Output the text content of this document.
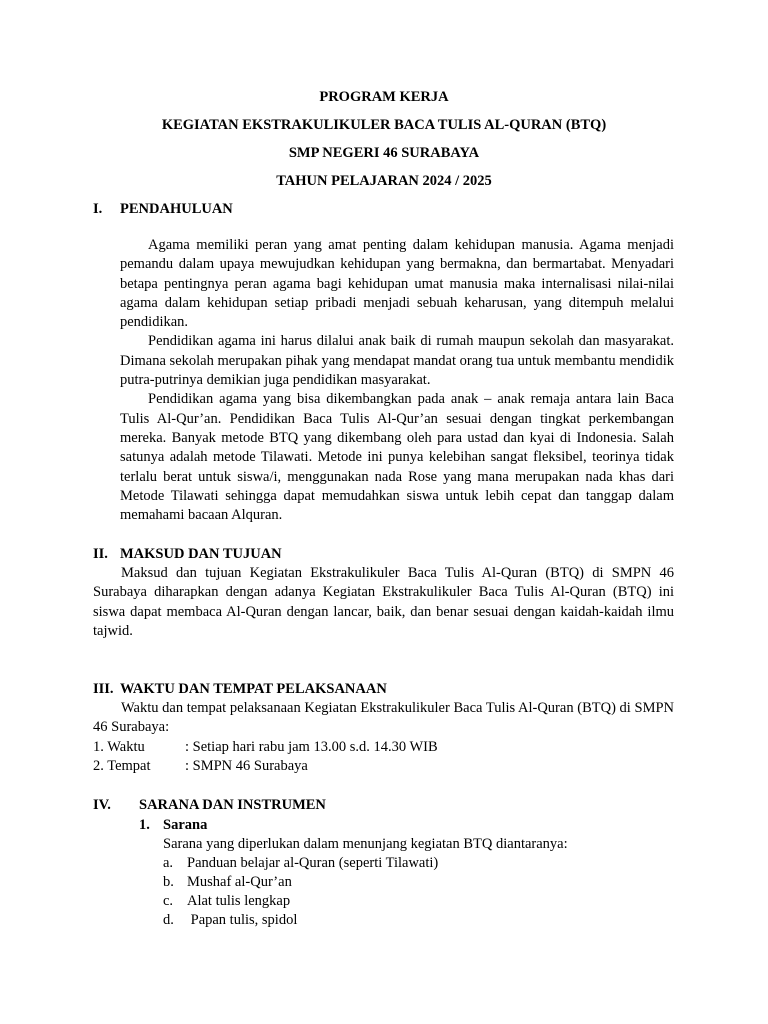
PROGRAM KERJA
KEGIATAN EKSTRAKULIKULER BACA TULIS AL-QURAN (BTQ)
SMP NEGERI 46 SURABAYA
TAHUN PELAJARAN 2024 / 2025
I. PENDAHULUAN

Agama memiliki peran yang amat penting dalam kehidupan manusia. Agama menjadi pemandu dalam upaya mewujudkan kehidupan yang bermakna, dan bermartabat. Menyadari betapa pentingnya peran agama bagi kehidupan umat manusia maka internalisasi nilai-nilai agama dalam kehidupan setiap pribadi menjadi sebuah keharusan, yang ditempuh melalui pendidikan.

Pendidikan agama ini harus dilalui anak baik di rumah maupun sekolah dan masyarakat. Dimana sekolah merupakan pihak yang mendapat mandat orang tua untuk membantu mendidik putra-putrinya demikian juga pendidikan masyarakat.

Pendidikan agama yang bisa dikembangkan pada anak – anak remaja antara lain Baca Tulis Al-Qur’an. Pendidikan Baca Tulis Al-Qur’an sesuai dengan tingkat perkembangan mereka. Banyak metode BTQ yang dikembang oleh para ustad dan kyai di Indonesia. Salah satunya adalah metode Tilawati. Metode ini punya kelebihan sangat fleksibel, teorinya tidak terlalu berat untuk siswa/i, menggunakan nada Rose yang mana merupakan nada khas dari Metode Tilawati sehingga dapat memudahkan siswa untuk lebih cepat dan tanggap dalam memahami bacaan Alquran.

II. MAKSUD DAN TUJUAN

Maksud dan tujuan Kegiatan Ekstrakulikuler Baca Tulis Al-Quran (BTQ) di SMPN 46 Surabaya diharapkan dengan adanya Kegiatan Ekstrakulikuler Baca Tulis Al-Quran (BTQ) ini siswa dapat membaca Al-Quran dengan lancar, baik, dan benar sesuai dengan kaidah-kaidah ilmu tajwid.

III. WAKTU DAN TEMPAT PELAKSANAAN

Waktu dan tempat pelaksanaan Kegiatan Ekstrakulikuler Baca Tulis Al-Quran (BTQ) di SMPN 46 Surabaya:

1. Waktu	: Setiap hari rabu jam 13.00 s.d. 14.30 WIB
2. Tempat : SMPN 46 Surabaya
IV. SARANA DAN INSTRUMEN
1. Sarana
Sarana yang diperlukan dalam menunjang kegiatan BTQ diantaranya:
a. Panduan belajar al-Quran (seperti Tilawati)
b. Mushaf al-Qur’an
c. Alat tulis lengkap
d. Papan tulis, spidol
